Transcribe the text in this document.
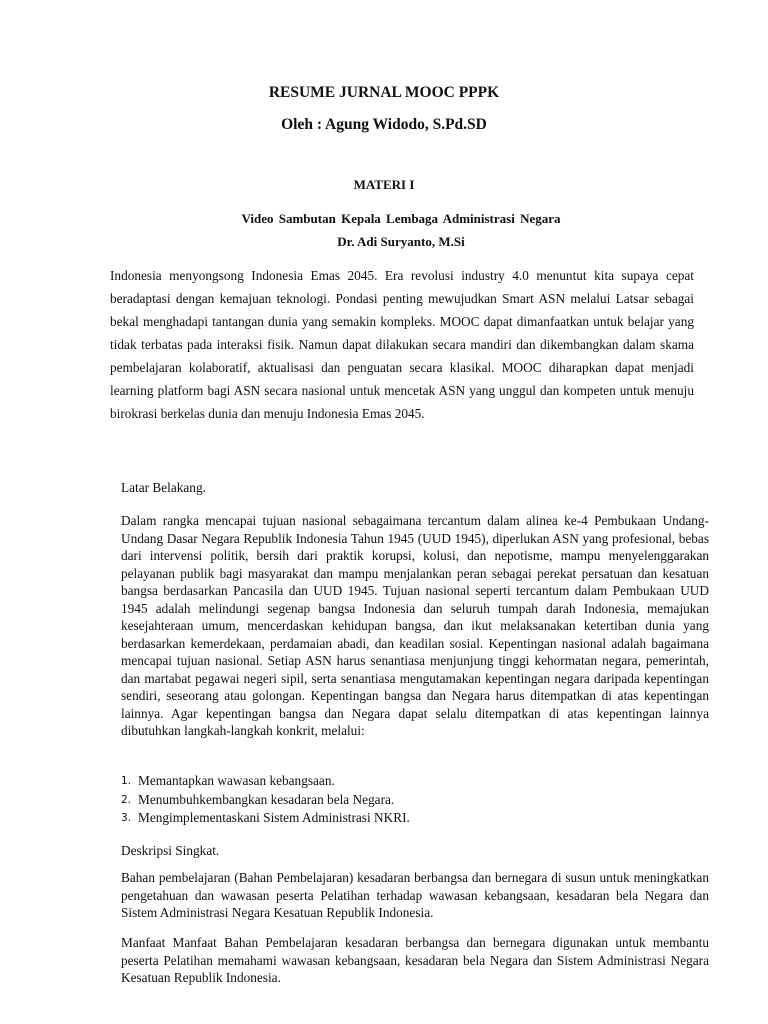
RESUME JURNAL MOOC PPPK
Oleh : Agung Widodo, S.Pd.SD
MATERI I
Video Sambutan Kepala Lembaga Administrasi Negara
Dr. Adi Suryanto, M.Si

Indonesia menyongsong Indonesia Emas 2045. Era revolusi industry 4.0 menuntut kita supaya cepat beradaptasi dengan kemajuan teknologi. Pondasi penting mewujudkan Smart ASN melalui Latsar sebagai bekal menghadapi tantangan dunia yang semakin kompleks. MOOC dapat dimanfaatkan untuk belajar yang tidak terbatas pada interaksi fisik. Namun dapat dilakukan secara mandiri dan dikembangkan dalam skama pembelajaran kolaboratif, aktualisasi dan penguatan secara klasikal. MOOC diharapkan dapat menjadi learning platform bagi ASN secara nasional untuk mencetak ASN yang unggul dan kompeten untuk menuju birokrasi berkelas dunia dan menuju Indonesia Emas 2045.

Latar Belakang.

Dalam rangka mencapai tujuan nasional sebagaimana tercantum dalam alinea ke-4 Pembukaan Undang-Undang Dasar Negara Republik Indonesia Tahun 1945 (UUD 1945), diperlukan ASN yang profesional, bebas dari intervensi politik, bersih dari praktik korupsi, kolusi, dan nepotisme, mampu menyelenggarakan pelayanan publik bagi masyarakat dan mampu menjalankan peran sebagai perekat persatuan dan kesatuan bangsa berdasarkan Pancasila dan UUD 1945. Tujuan nasional seperti tercantum dalam Pembukaan UUD 1945 adalah melindungi segenap bangsa Indonesia dan seluruh tumpah darah Indonesia, memajukan kesejahteraan umum, mencerdaskan kehidupan bangsa, dan ikut melaksanakan ketertiban dunia yang berdasarkan kemerdekaan, perdamaian abadi, dan keadilan sosial. Kepentingan nasional adalah bagaimana mencapai tujuan nasional. Setiap ASN harus senantiasa menjunjung tinggi kehormatan negara, pemerintah, dan martabat pegawai negeri sipil, serta senantiasa mengutamakan kepentingan negara daripada kepentingan sendiri, seseorang atau golongan. Kepentingan bangsa dan Negara harus ditempatkan di atas kepentingan lainnya. Agar kepentingan bangsa dan Negara dapat selalu ditempatkan di atas kepentingan lainnya dibutuhkan langkah-langkah konkrit, melalui:

1. Memantapkan wawasan kebangsaan.
2. Menumbuhkembangkan kesadaran bela Negara.
3. Mengimplementaskani Sistem Administrasi NKRI.

Deskripsi Singkat.

Bahan pembelajaran (Bahan Pembelajaran) kesadaran berbangsa dan bernegara di susun untuk meningkatkan pengetahuan dan wawasan peserta Pelatihan terhadap wawasan kebangsaan, kesadaran bela Negara dan Sistem Administrasi Negara Kesatuan Republik Indonesia.

Manfaat Manfaat Bahan Pembelajaran kesadaran berbangsa dan bernegara digunakan untuk membantu peserta Pelatihan memahami wawasan kebangsaan, kesadaran bela Negara dan Sistem Administrasi Negara Kesatuan Republik Indonesia.
